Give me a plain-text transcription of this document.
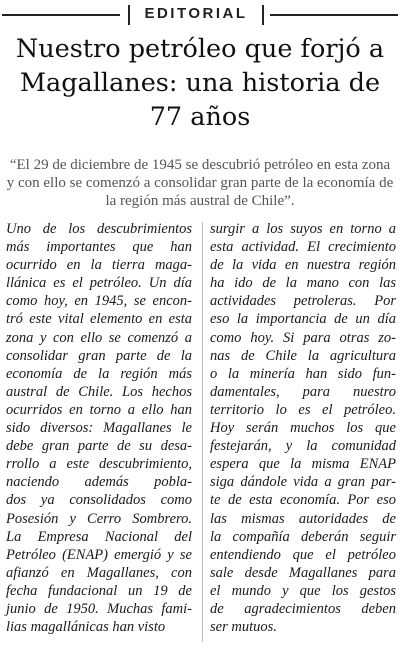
EDITORIAL
Nuestro petróleo que forjó a Magallanes: una historia de 77 años
“El 29 de diciembre de 1945 se descubrió petróleo en esta zona y con ello se comenzó a consolidar gran parte de la economía de la región más austral de Chile”.
Uno de los descubrimientos
más importantes que han
ocurrido en la tierra maga-
llánica es el petróleo. Un día
como hoy, en 1945, se encon-
tró este vital elemento en esta
zona y con ello se comenzó a
consolidar gran parte de la
economía de la región más
austral de Chile. Los hechos
ocurridos en torno a ello han
sido diversos: Magallanes le
debe gran parte de su desa-
rrollo a este descubrimiento,
naciendo además pobla-
dos ya consolidados como
Posesión y Cerro Sombrero.
La Empresa Nacional del
Petróleo (ENAP) emergió y se
afianzó en Magallanes, con
fecha fundacional un 19 de
junio de 1950. Muchas fami-
lias magallánicas han visto
surgir a los suyos en torno a
esta actividad. El crecimiento
de la vida en nuestra región
ha ido de la mano con las
actividades petroleras. Por
eso la importancia de un día
como hoy. Si para otras zo-
nas de Chile la agricultura
o la minería han sido fun-
damentales, para nuestro
territorio lo es el petróleo.
Hoy serán muchos los que
festejarán, y la comunidad
espera que la misma ENAP
siga dándole vida a gran par-
te de esta economía. Por eso
las mismas autoridades de
la compañía deberán seguir
entendiendo que el petróleo
sale desde Magallanes para
el mundo y que los gestos
de agradecimientos deben
ser mutuos.
